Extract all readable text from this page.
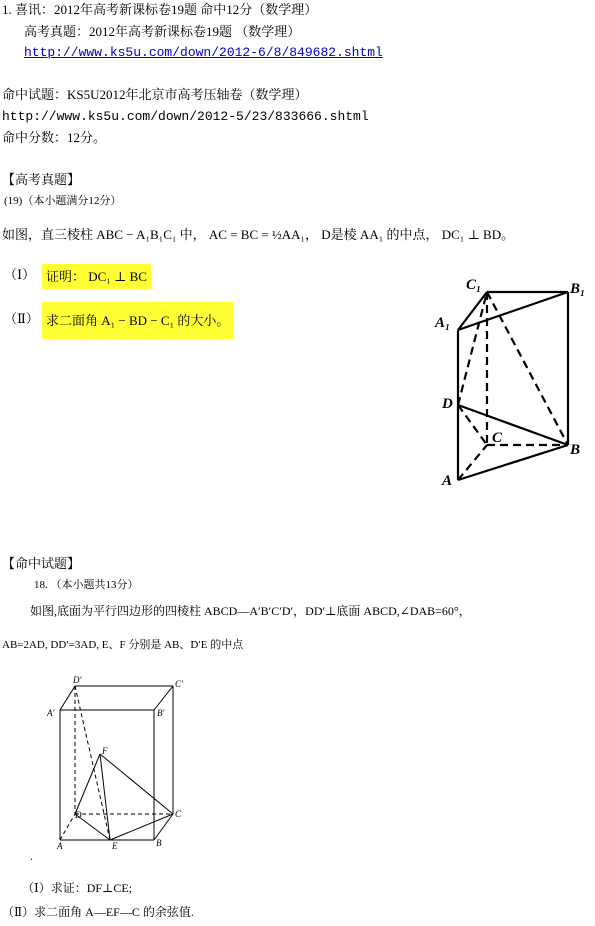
1. 喜讯：2012年高考新课标卷19题 命中12分（数学理）
高考真题：2012年高考新课标卷19题 （数学理）
http://www.ks5u.com/down/2012-6/8/849682.shtml
命中试题：KS5U2012年北京市高考压轴卷（数学理）
http://www.ks5u.com/down/2012-5/23/833666.shtml
命中分数：12分。
【高考真题】
(19)（本小题满分12分）
如图，直三棱柱 ABC − A₁B₁C₁ 中， AC = BC = ½AA₁， D是棱 AA₁ 的中点， DC₁ ⊥ BD。
（Ⅰ） 证明： DC₁ ⊥ BC
（Ⅱ） 求二面角 A₁ − BD − C₁ 的大小。
C₁	B₁
A₁
D
C
B
A
【命中试题】
18. （本小题共13分）
如图,底面为平行四边形的四棱柱 ABCD—A′B′C′D′，DD′⊥底面 ABCD,∠DAB=60°，
AB=2AD, DD′=3AD, E、F 分别是 AB、D′E 的中点
D′	C′
A′	B′
F
D	C
A	E	B
.
（Ⅰ）求证：DF⊥CE;
（Ⅱ）求二面角 A—EF—C 的余弦值.
